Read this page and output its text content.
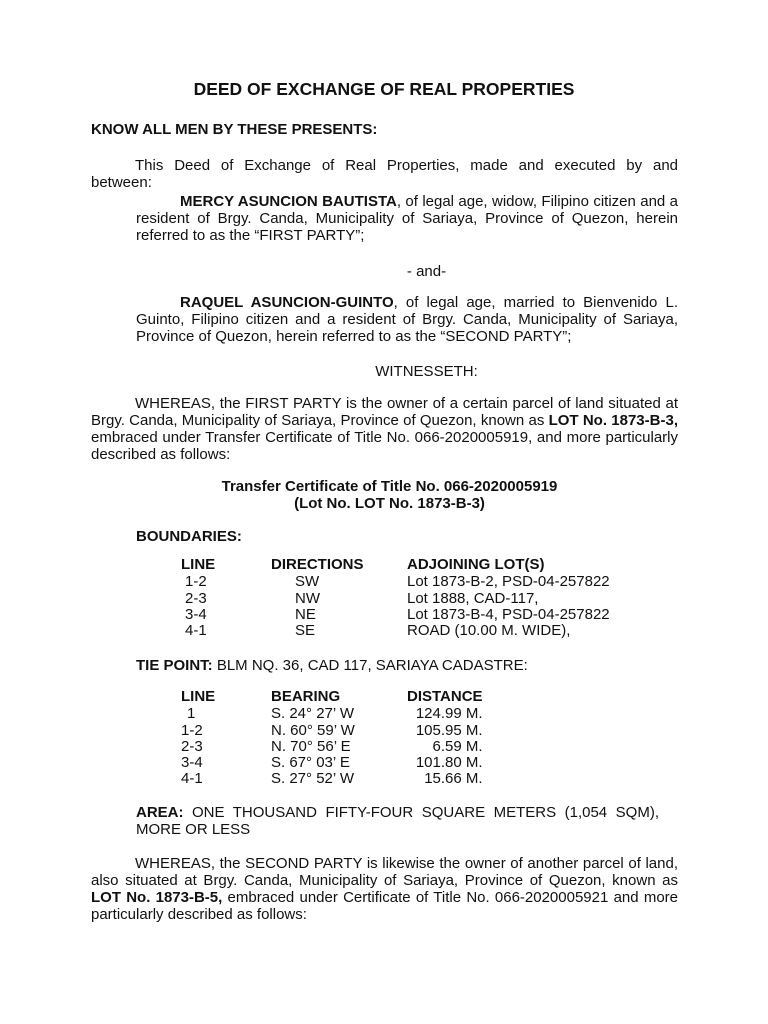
DEED OF EXCHANGE OF REAL PROPERTIES
KNOW ALL MEN BY THESE PRESENTS:
This Deed of Exchange of Real Properties, made and executed by and
between:
MERCY ASUNCION BAUTISTA, of legal age, widow, Filipino citizen and a resident of Brgy. Canda, Municipality of Sariaya, Province of Quezon, herein referred to as the “FIRST PARTY”;
- and-
RAQUEL ASUNCION-GUINTO, of legal age, married to Bienvenido L. Guinto, Filipino citizen and a resident of Brgy. Canda, Municipality of Sariaya, Province of Quezon, herein referred to as the “SECOND PARTY”;
WITNESSETH:

WHEREAS, the FIRST PARTY is the owner of a certain parcel of land situated at Brgy. Canda, Municipality of Sariaya, Province of Quezon, known as LOT No. 1873-B-3, embraced under Transfer Certificate of Title No. 066-2020005919, and more particularly described as follows:

Transfer Certificate of Title No. 066-2020005919
(Lot No. LOT No. 1873-B-3)
BOUNDARIES:
LINE	DIRECTIONS	ADJOINING LOT(S)
1-2	SW	Lot 1873-B-2, PSD-04-257822
2-3	NW	Lot 1888, CAD-117,
3-4	NE	Lot 1873-B-4, PSD-04-257822
4-1	SE	ROAD (10.00 M. WIDE),
TIE POINT: BLM NQ. 36, CAD 117, SARIAYA CADASTRE:
LINE	BEARING	DISTANCE
1	S. 24° 27’ W	124.99 M.
1-2	N. 60° 59’ W	105.95 M.
2-3	N. 70° 56’ E	6.59 M.
3-4	S. 67° 03’ E	101.80 M.
4-1	S. 27° 52’ W	15.66 M.
AREA: ONE THOUSAND FIFTY-FOUR SQUARE METERS (1,054 SQM), MORE OR LESS

WHEREAS, the SECOND PARTY is likewise the owner of another parcel of land, also situated at Brgy. Canda, Municipality of Sariaya, Province of Quezon, known as LOT No. 1873-B-5, embraced under Certificate of Title No. 066-2020005921 and more particularly described as follows:
